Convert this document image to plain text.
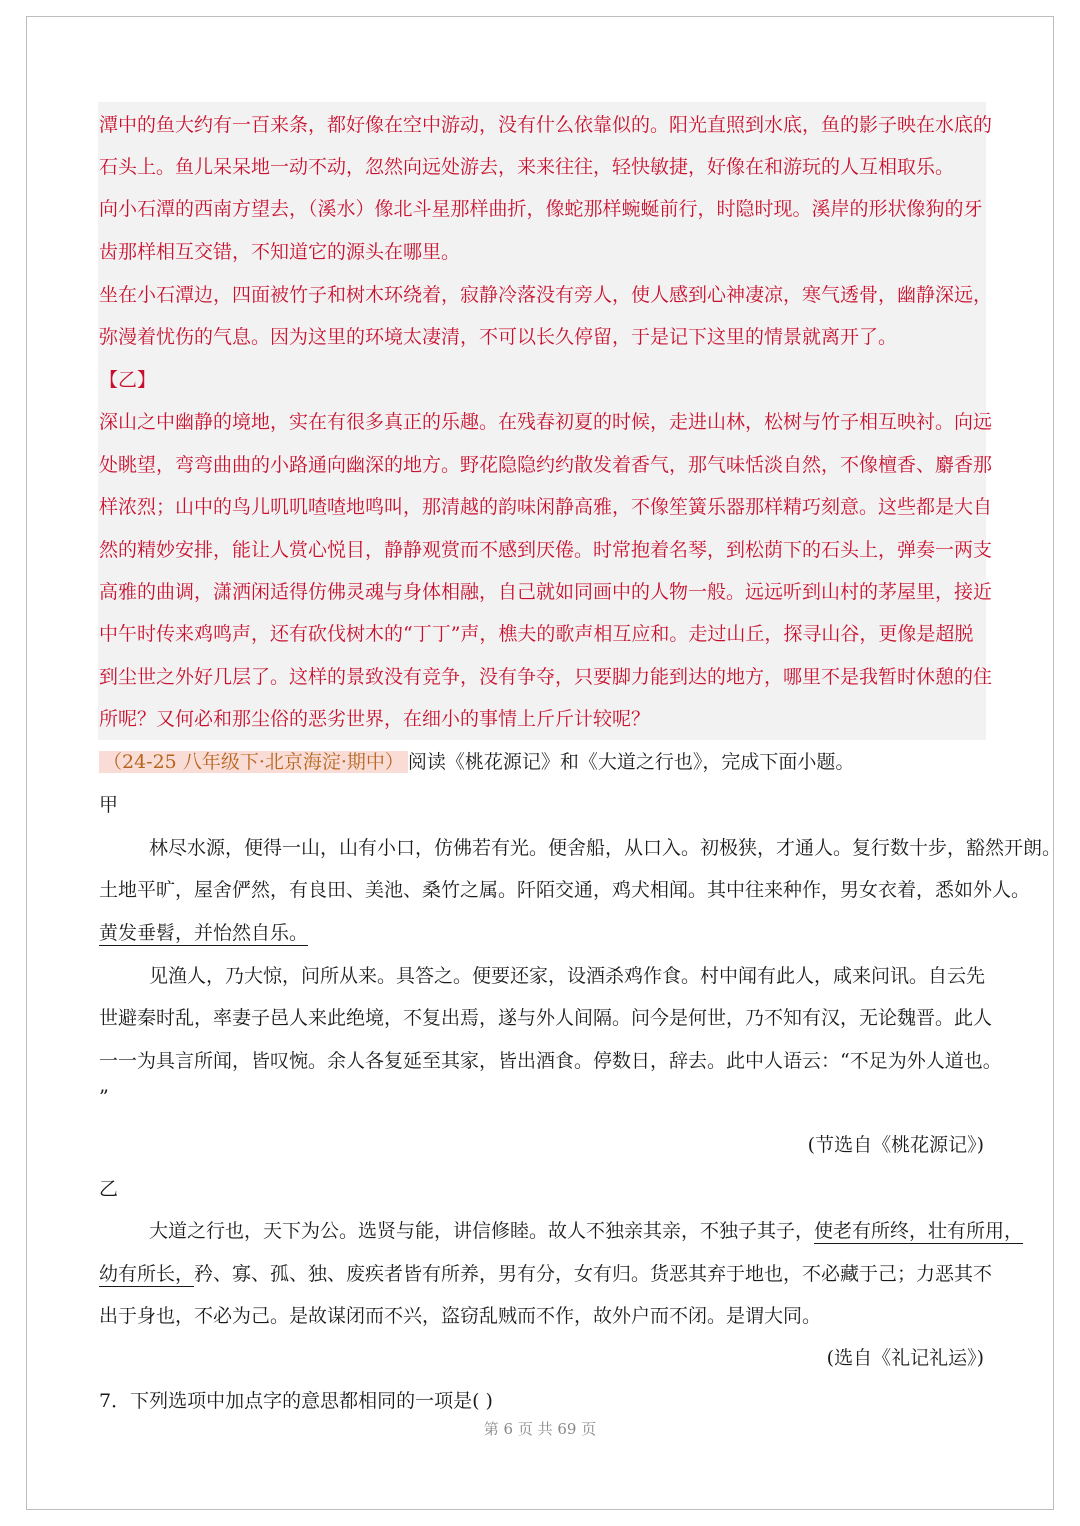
潭中的鱼大约有一百来条，都好像在空中游动，没有什么依靠似的。阳光直照到水底，鱼的影子映在水底的
石头上。鱼儿呆呆地一动不动，忽然向远处游去，来来往往，轻快敏捷，好像在和游玩的人互相取乐。
向小石潭的西南方望去，（溪水）像北斗星那样曲折，像蛇那样蜿蜒前行，时隐时现。溪岸的形状像狗的牙
齿那样相互交错，不知道它的源头在哪里。
坐在小石潭边，四面被竹子和树木环绕着，寂静冷落没有旁人，使人感到心神凄凉，寒气透骨，幽静深远，
弥漫着忧伤的气息。因为这里的环境太凄清，不可以长久停留，于是记下这里的情景就离开了。
【乙】
深山之中幽静的境地，实在有很多真正的乐趣。在残春初夏的时候，走进山林，松树与竹子相互映衬。向远
处眺望，弯弯曲曲的小路通向幽深的地方。野花隐隐约约散发着香气，那气味恬淡自然，不像檀香、麝香那
样浓烈；山中的鸟儿叽叽喳喳地鸣叫，那清越的韵味闲静高雅，不像笙簧乐器那样精巧刻意。这些都是大自
然的精妙安排，能让人赏心悦目，静静观赏而不感到厌倦。时常抱着名琴，到松荫下的石头上，弹奏一两支
高雅的曲调，潇洒闲适得仿佛灵魂与身体相融，自己就如同画中的人物一般。远远听到山村的茅屋里，接近
中午时传来鸡鸣声，还有砍伐树木的“丁丁”声，樵夫的歌声相互应和。走过山丘，探寻山谷，更像是超脱
到尘世之外好几层了。这样的景致没有竞争，没有争夺，只要脚力能到达的地方，哪里不是我暂时休憩的住
所呢？又何必和那尘俗的恶劣世界，在细小的事情上斤斤计较呢？
（24-25 八年级下·北京海淀·期中） 阅读《桃花源记》和《大道之行也》，完成下面小题。
甲
林尽水源，便得一山，山有小口，仿佛若有光。便舍船，从口入。初极狭，才通人。复行数十步，豁然开朗。
土地平旷，屋舍俨然，有良田、美池、桑竹之属。阡陌交通，鸡犬相闻。其中往来种作，男女衣着，悉如外人。
黄发垂髫，并怡然自乐。
见渔人，乃大惊，问所从来。具答之。便要还家，设酒杀鸡作食。村中闻有此人，咸来问讯。自云先
世避秦时乱，率妻子邑人来此绝境，不复出焉，遂与外人间隔。问今是何世，乃不知有汉，无论魏晋。此人
一一为具言所闻，皆叹惋。余人各复延至其家，皆出酒食。停数日，辞去。此中人语云：“不足为外人道也。
”
(节选自《桃花源记》)
乙
大道之行也，天下为公。选贤与能，讲信修睦。故人不独亲其亲，不独子其子，使老有所终，壮有所用，
幼有所长，矜、寡、孤、独、废疾者皆有所养，男有分，女有归。货恶其弃于地也，不必藏于己；力恶其不
出于身也，不必为己。是故谋闭而不兴，盗窃乱贼而不作，故外户而不闭。是谓大同。
(选自《礼记礼运》)
7．下列选项中加点字的意思都相同的一项是( )
第 6 页 共 69 页
